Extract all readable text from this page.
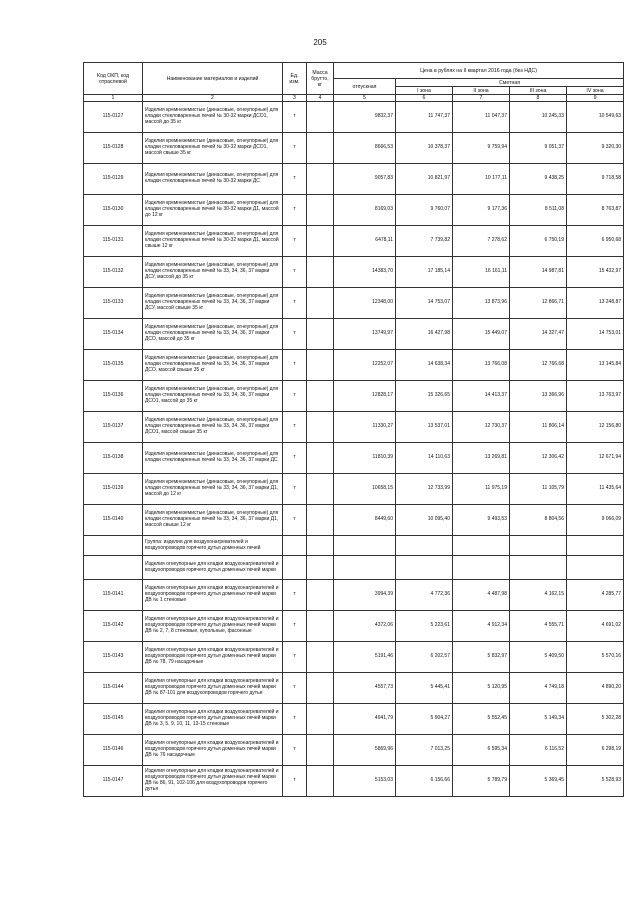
205
Код ОКП, код отраслевой	Наименование материалов и изделий	Ед. изм.	Масса брутто, кг	Цена в рублях на II квартал 2016 года (без НДС)				
				отпускная	Сметная			
					I зона	II зона	III зона	IV зона
1	2	3	4	5	6	7	8	9
115-0127	Изделия кремнеземистые (динасовые, огнеупорные) для кладки стекловаренных печей № 30-32 марки ДСО1, массой до 35 кг	т		9832,37	11 747,37	11 047,37	10 245,33	10 549,63
115-0128	Изделия кремнеземистые (динасовые, огнеупорные) для кладки стекловаренных печей № 30-32 марки ДСО1, массой свыше 35 кг	т		8666,53	10 378,37	9 759,94	9 051,37	9 320,30
115-0129	Изделия кремнеземистые (динасовые, огнеупорные) для кладки стекловаренных печей № 30-32 марки ДС	т		9057,83	10 821,97	10 177,11	9 438,25	9 718,58
115-0130	Изделия кремнеземистые (динасовые, огнеупорные) для кладки стекловаренных печей № 30-32 марки Д1, массой до 12 кг	т		8169,03	9 760,07	9 177,36	8 511,08	8 763,87
115-0131	Изделия кремнеземистые (динасовые, огнеупорные) для кладки стекловаренных печей № 30-32 марки Д1, массой свыше 12 кг	т		6478,11	7 739,82	7 278,62	6 750,19	6 950,68
115-0132	Изделия кремнеземистые (динасовые, огнеупорные) для кладки стекловаренных печей № 33, 34, 36, 37 марки ДСУ, массой до 35 кг	т		14383,70	17 185,14	16 161,11	14 987,81	15 432,97
115-0133	Изделия кремнеземистые (динасовые, огнеупорные) для кладки стекловаренных печей № 33, 34, 36, 37 марки ДСУ, массой свыше 35 кг	т		12348,00	14 753,07	13 873,96	12 866,71	13 248,87
115-0134	Изделия кремнеземистые (динасовые, огнеупорные) для кладки стекловаренных печей № 33, 34, 36, 37 марки ДСО, массой до 35 кг	т		13749,97	16 427,98	15 449,07	14 327,47	14 753,01
115-0135	Изделия кремнеземистые (динасовые, огнеупорные) для кладки стекловаренных печей № 33, 34, 36, 37 марки ДСО, массой свыше 35 кг	т		12252,07	14 638,34	13 766,08	12 766,68	13 145,84
115-0136	Изделия кремнеземистые (динасовые, огнеупорные) для кладки стекловаренных печей № 33, 34, 36, 37 марки ДСО1, массой до 35 кг	т		12828,17	15 326,65	14 413,37	13 366,96	13 763,97
115-0137	Изделия кремнеземистые (динасовые, огнеупорные) для кладки стекловаренных печей № 33, 34, 36, 37 марки ДСО1, массой свыше 35 кг	т		11330,27	13 537,01	12 730,37	11 806,14	12 156,80
115-0138	Изделия кремнеземистые (динасовые, огнеупорные) для кладки стекловаренных печей № 33, 34, 36, 37 марки ДС	т		11810,39	14 110,63	13 269,81	12 306,42	12 671,94
115-0139	Изделия кремнеземистые (динасовые, огнеупорные) для кладки стекловаренных печей № 33, 34, 36, 37 марки Д1, массой до 12 кг	т		10658,15	12 733,99	11 975,19	11 105,79	11 435,64
115-0140	Изделия кремнеземистые (динасовые, огнеупорные) для кладки стекловаренных печей № 33, 34, 36, 37 марки Д1, массой свыше 12 кг	т		8449,60	10 095,40	9 493,53	8 804,56	9 066,09
	Группа: изделия для воздухонагревателей и воздухопроводов горячего дутья доменных печей							
	Изделия огнеупорные для кладки воздухонагревателей и воздухопроводов горячего дутья доменных печей марки							
115-0141	Изделия огнеупорные для кладки воздухонагревателей и воздухопроводов горячего дутья доменных печей марки ДВ № 1 стеновые	т		3994,39	4 772,36	4 487,98	4 162,15	4 285,77
115-0142	Изделия огнеупорные для кладки воздухонагревателей и воздухопроводов горячего дутья доменных печей марки ДВ № 2, 7, 8 стеновые, купольные, фасонные	т		4372,06	5 223,61	4 912,34	4 555,71	4 691,02
115-0143	Изделия огнеупорные для кладки воздухонагревателей и воздухопроводов горячего дутья доменных печей марки ДВ № 78, 79 насадочные	т		5191,46	6 202,57	5 832,97	5 409,50	5 570,16
115-0144	Изделия огнеупорные для кладки воздухонагревателей и воздухопроводов горячего дутья доменных печей марки ДВ № 87-101 для воздухопроводов горячего дутья	т		4557,73	5 445,41	5 120,95	4 749,18	4 890,20
115-0145	Изделия огнеупорные для кладки воздухонагревателей и воздухопроводов горячего дутья доменных печей марки ДВ № 3, 5, 9, 10, 11, 13-15 стеновые	т		4941,79	5 904,27	5 552,45	5 149,34	5 302,28
115-0146	Изделия огнеупорные для кладки воздухонагревателей и воздухопроводов горячего дутья доменных печей марки ДВ № 76 насадочные	т		5869,96	7 013,25	6 595,34	6 116,52	6 298,19
115-0147	Изделия огнеупорные для кладки воздухонагревателей и воздухопроводов горячего дутья доменных печей марки ДВ № 86, 91, 102-106 для воздухопроводов горячего дутья	т		5153,03	6 156,66	5 789,79	5 369,45	5 528,93
